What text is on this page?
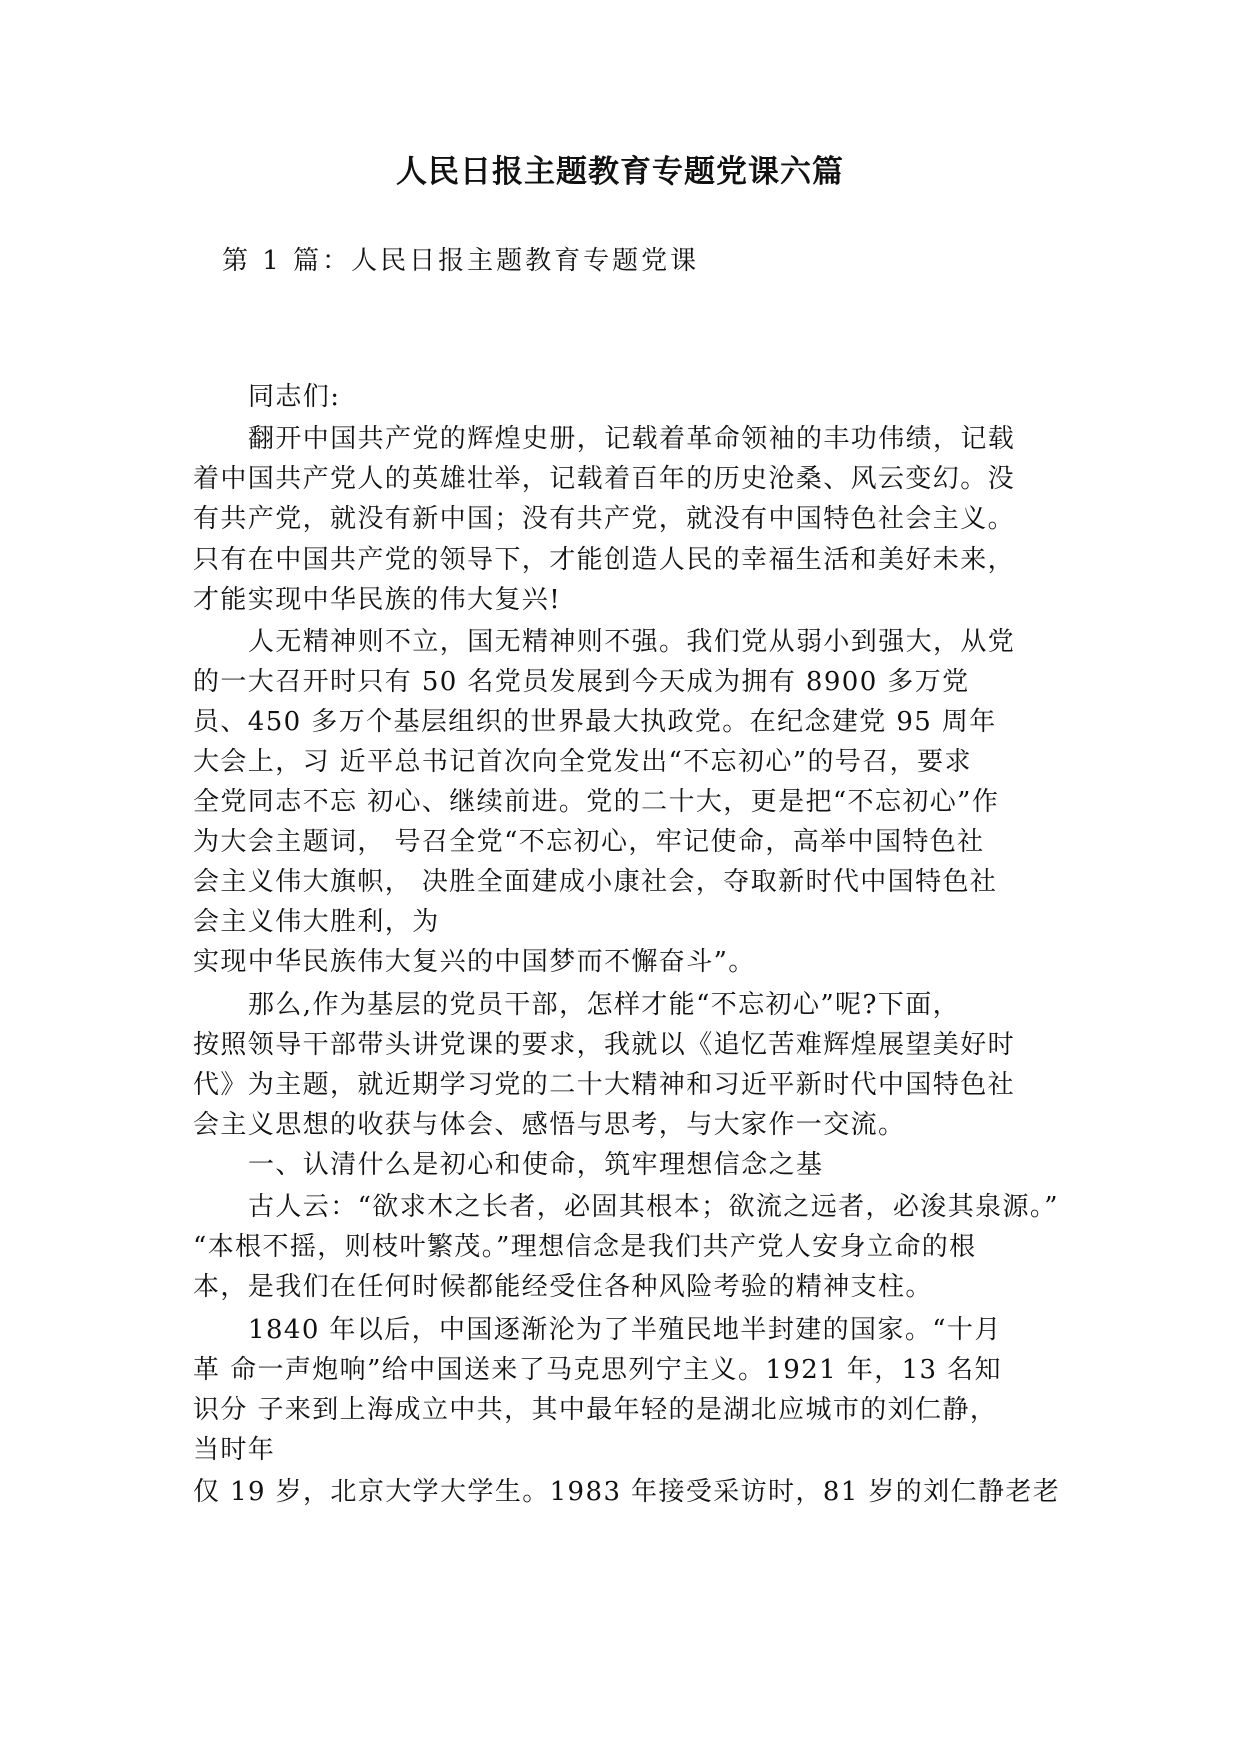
人民日报主题教育专题党课六篇
第 1 篇：人民日报主题教育专题党课
同志们:
翻开中国共产党的辉煌史册，记载着革命领袖的丰功伟绩，记载
着中国共产党人的英雄壮举，记载着百年的历史沧桑、风云变幻。没
有共产党，就没有新中国；没有共产党，就没有中国特色社会主义。
只有在中国共产党的领导下，才能创造人民的幸福生活和美好未来，
才能实现中华民族的伟大复兴!
人无精神则不立，国无精神则不强。我们党从弱小到强大，从党
的一大召开时只有 50 名党员发展到今天成为拥有 8900 多万党
员、450 多万个基层组织的世界最大执政党。在纪念建党 95 周年
大会上，习 近平总书记首次向全党发出“不忘初心”的号召，要求
全党同志不忘 初心、继续前进。党的二十大，更是把“不忘初心”作
为大会主题词， 号召全党“不忘初心，牢记使命，高举中国特色社
会主义伟大旗帜， 决胜全面建成小康社会，夺取新时代中国特色社
会主义伟大胜利，为
实现中华民族伟大复兴的中国梦而不懈奋斗”。
那么,作为基层的党员干部，怎样才能“不忘初心”呢?下面，
按照领导干部带头讲党课的要求，我就以《追忆苦难辉煌展望美好时
代》为主题，就近期学习党的二十大精神和习近平新时代中国特色社
会主义思想的收获与体会、感悟与思考，与大家作一交流。
一、认清什么是初心和使命，筑牢理想信念之基
古人云：“欲求木之长者，必固其根本；欲流之远者，必浚其泉源。”
“本根不摇，则枝叶繁茂。”理想信念是我们共产党人安身立命的根
本，是我们在任何时候都能经受住各种风险考验的精神支柱。
1840 年以后，中国逐渐沦为了半殖民地半封建的国家。“十月
革 命一声炮响”给中国送来了马克思列宁主义。1921 年，13 名知
识分 子来到上海成立中共，其中最年轻的是湖北应城市的刘仁静，
当时年
仅 19 岁，北京大学大学生。1983 年接受采访时，81 岁的刘仁静老老
